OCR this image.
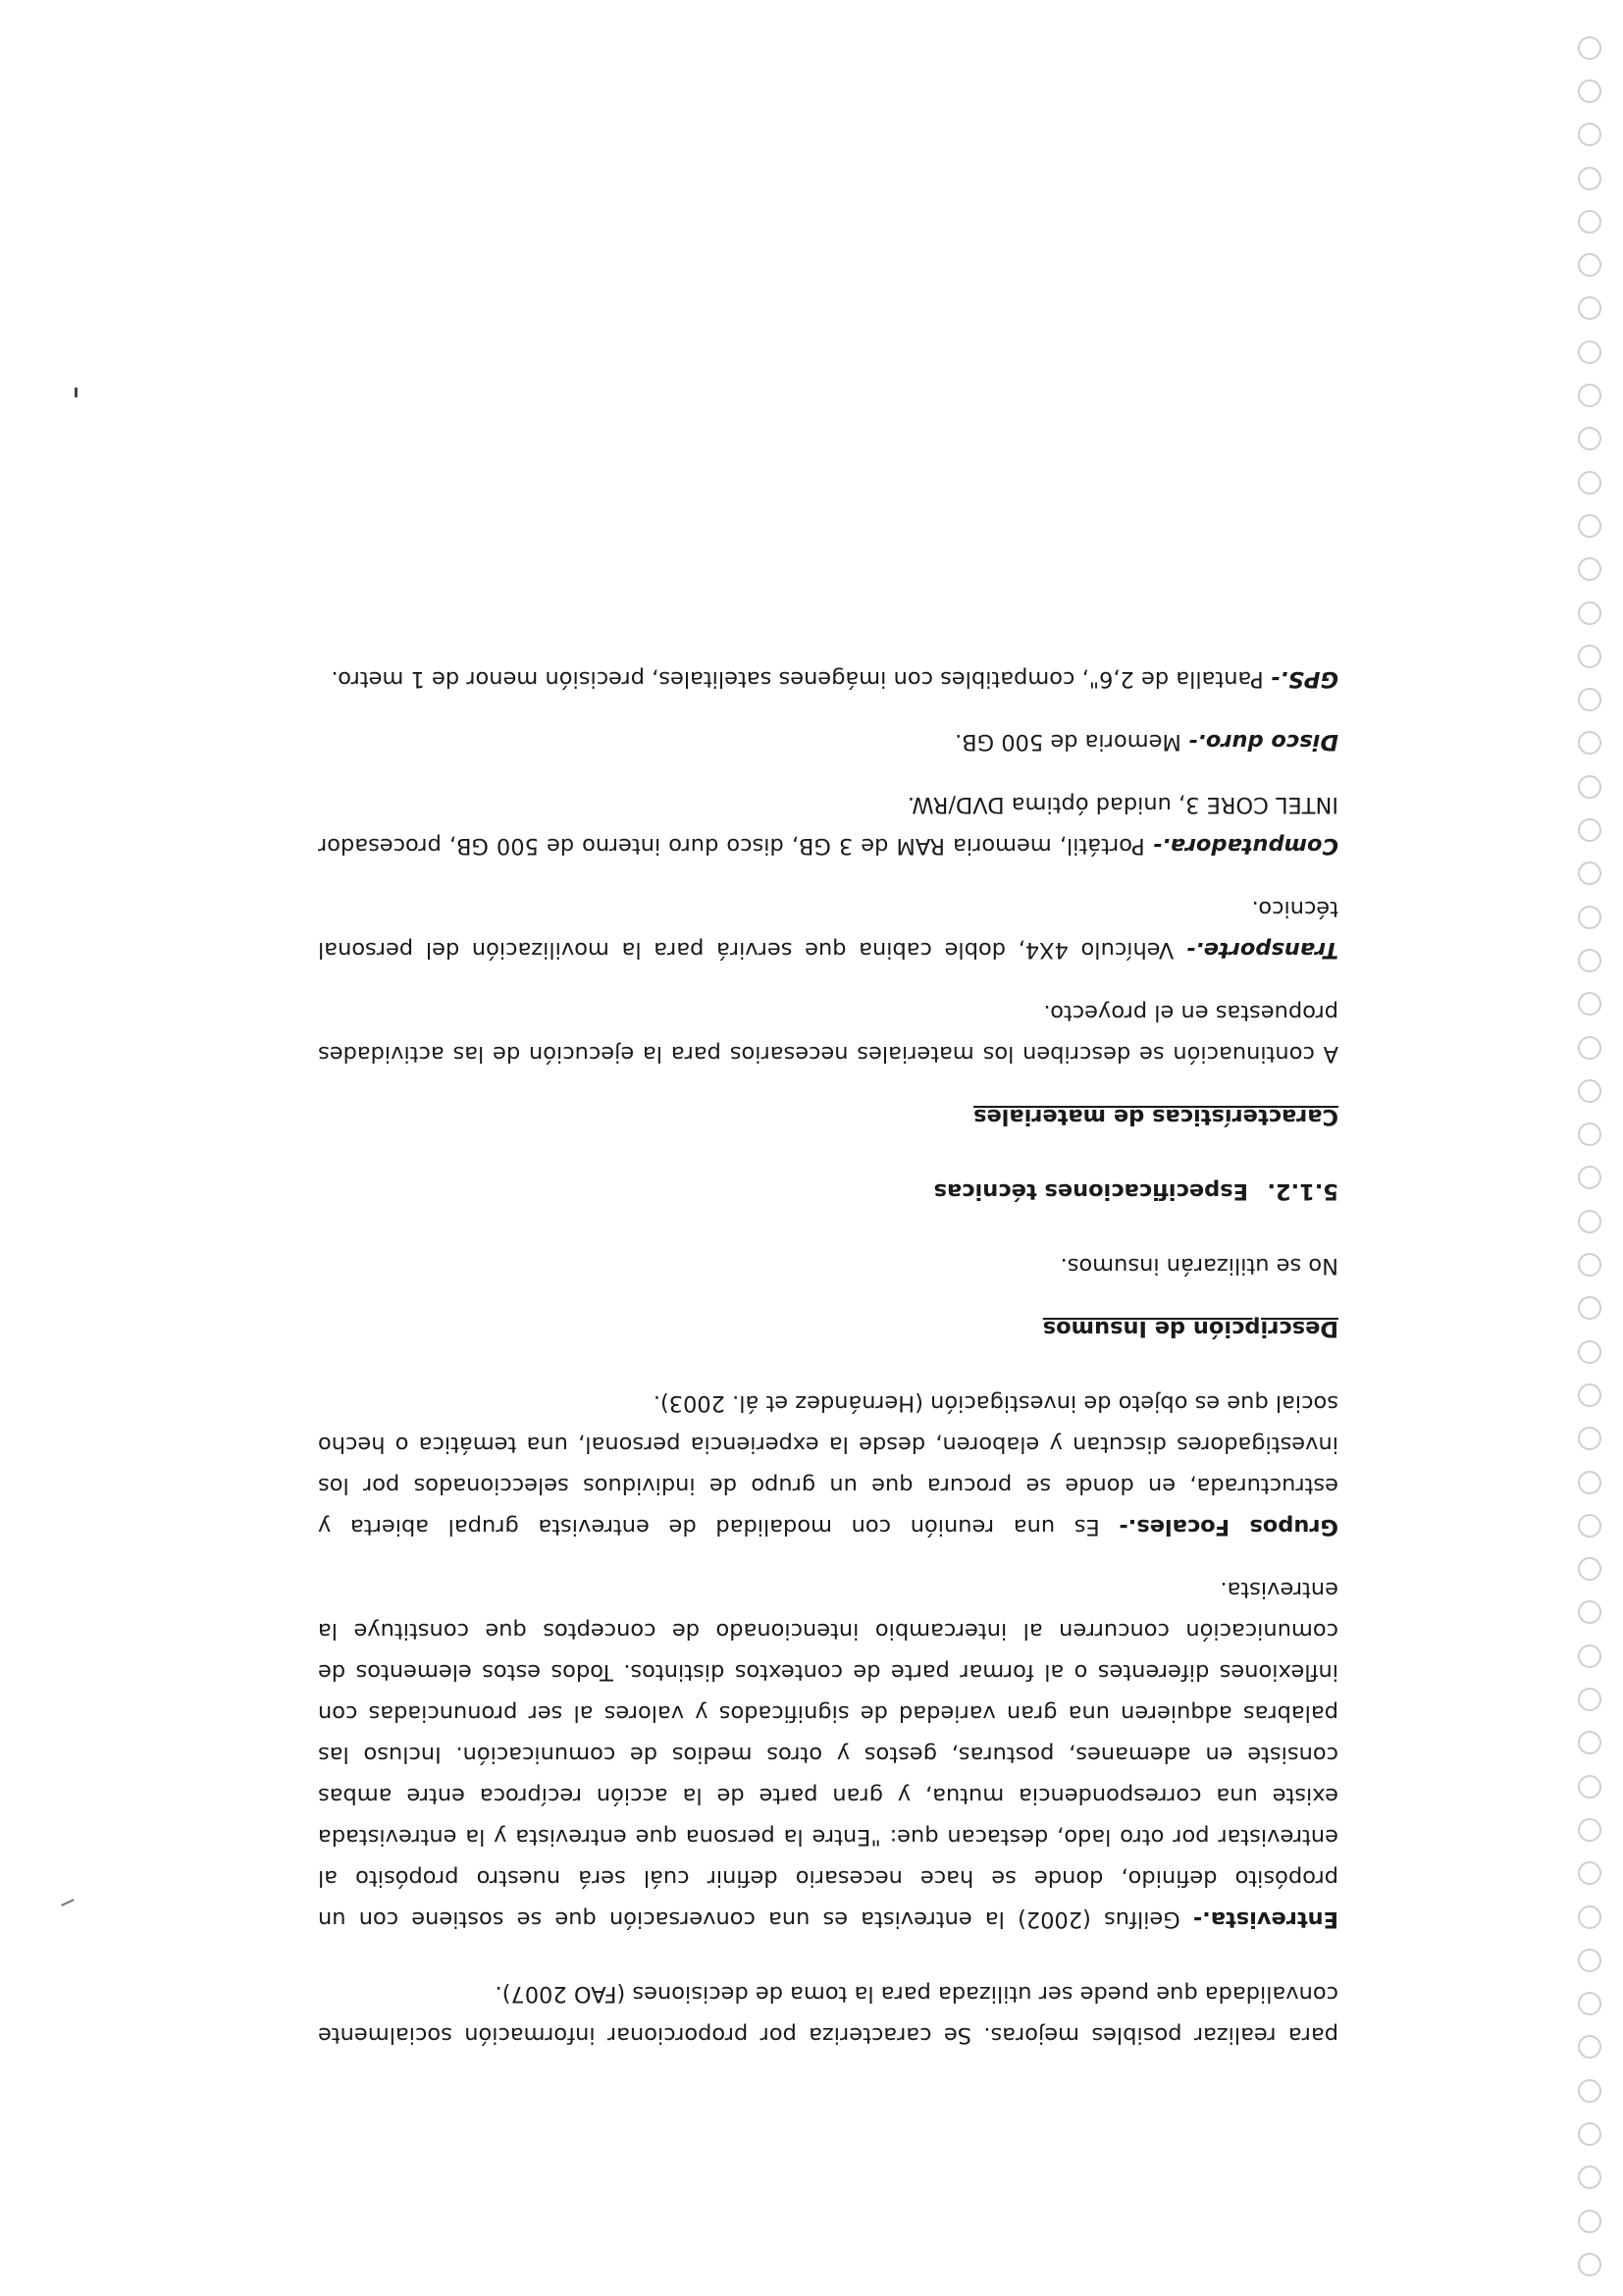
para realizar posibles mejoras. Se caracteriza por proporcionar información socialmente convalidada que puede ser utilizada para la toma de decisiones (FAO 2007).

Entrevista.- Geilfus (2002) la entrevista es una conversación que se sostiene con un propósito definido, donde se hace necesario definir cuál será nuestro propósito al entrevistar por otro lado, destacan que: "Entre la persona que entrevista y la entrevistada existe una correspondencia mutua, y gran parte de la acción recíproca entre ambas consiste en ademanes, posturas, gestos y otros medios de comunicación. Incluso las palabras adquieren una gran variedad de significados y valores al ser pronunciadas con inflexiones diferentes o al formar parte de contextos distintos. Todos estos elementos de comunicación concurren al intercambio intencionado de conceptos que constituye la entrevista.

Grupos Focales.- Es una reunión con modalidad de entrevista grupal abierta y estructurada, en donde se procura que un grupo de individuos seleccionados por los investigadores discutan y elaboren, desde la experiencia personal, una temática o hecho social que es objeto de investigación (Hernández et ál. 2003).

Descripción de Insumos

No se utilizarán insumos.

5.1.2.Especificaciones técnicas

Características de materiales

A continuación se describen los materiales necesarios para la ejecución de las actividades propuestas en el proyecto.

Transporte.- Vehículo 4X4, doble cabina que servirá para la movilización del personal técnico.

Computadora.- Portátil, memoria RAM de 3 GB, disco duro interno de 500 GB, procesador INTEL CORE 3, unidad óptima DVD/RW.

Disco duro.- Memoria de 500 GB.

GPS.- Pantalla de 2,6", compatibles con imágenes satelitales, precisión menor de 1 metro.
